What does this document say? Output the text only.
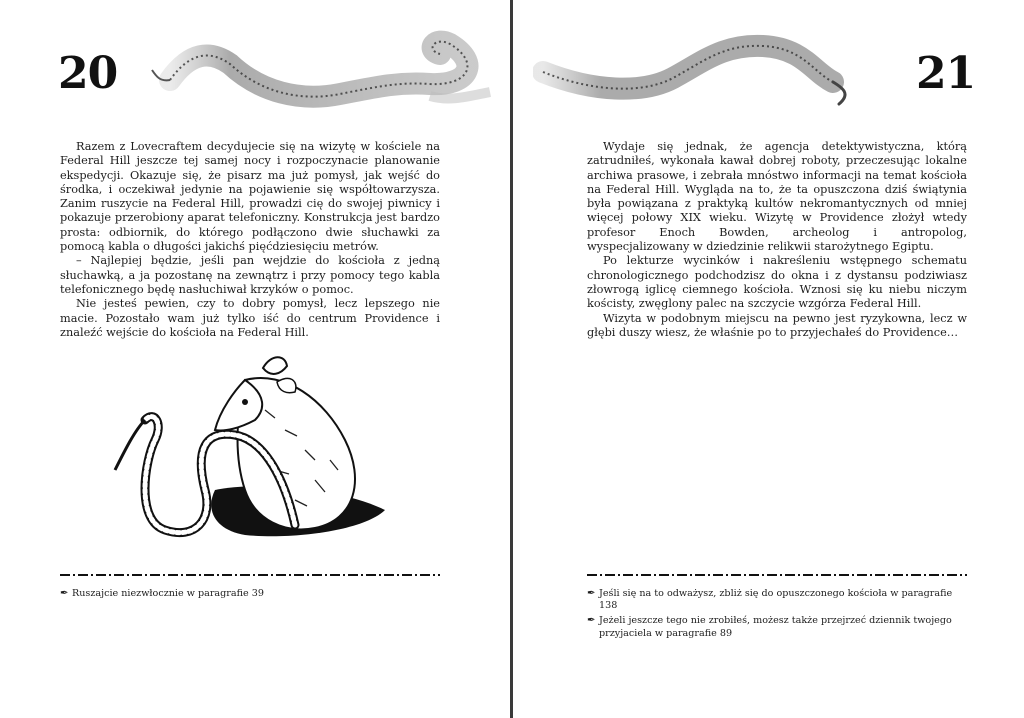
20

Razem z Lovecraftem decydujecie się na wizytę w kościele na Federal Hill jeszcze tej samej nocy i rozpoczynacie planowanie ekspedycji. Okazuje się, że pisarz ma już pomysł, jak wejść do środka, i oczekiwał jedynie na pojawienie się współtowarzysza. Zanim ruszycie na Federal Hill, prowadzi cię do swojej piwnicy i pokazuje przerobiony aparat telefoniczny. Konstrukcja jest bardzo prosta: odbiornik, do którego podłączono dwie słuchawki za pomocą kabla o długości jakichś pięćdziesięciu metrów.

– Najlepiej będzie, jeśli pan wejdzie do kościoła z jedną słuchawką, a ja pozostanę na zewnątrz i przy pomocy tego kabla telefonicznego będę nasłuchiwał krzyków o pomoc.

Nie jesteś pewien, czy to dobry pomysł, lecz lepszego nie macie. Pozostało wam już tylko iść do centrum Providence i znaleźć wejście do kościoła na Federal Hill.

✒ Ruszajcie niezwłocznie w paragrafie 39
21

Wydaje się jednak, że agencja detektywistyczna, którą zatrudniłeś, wykonała kawał dobrej roboty, przeczesując lokalne archiwa prasowe, i zebrała mnóstwo informacji na temat kościoła na Federal Hill. Wygląda na to, że ta opuszczona dziś świątynia była powiązana z praktyką kultów nekromantycznych od mniej więcej połowy XIX wieku. Wizytę w Providence złożył wtedy profesor Enoch Bowden, archeolog i antropolog, wyspecjalizowany w dziedzinie relikwii starożytnego Egiptu.

Po lekturze wycinków i nakreśleniu wstępnego schematu chronologicznego podchodzisz do okna i z dystansu podziwiasz złowrogą iglicę ciemnego kościoła. Wznosi się ku niebu niczym kościsty, zwęglony palec na szczycie wzgórza Federal Hill.

Wizyta w podobnym miejscu na pewno jest ryzykowna, lecz w głębi duszy wiesz, że właśnie po to przyjechałeś do Providence…

✒ Jeśli się na to odważysz, zbliż się do opuszczonego kościoła w paragrafie 138
✒ Jeżeli jeszcze tego nie zrobiłeś, możesz także przejrzeć dziennik twojego przyjaciela w paragrafie 89
